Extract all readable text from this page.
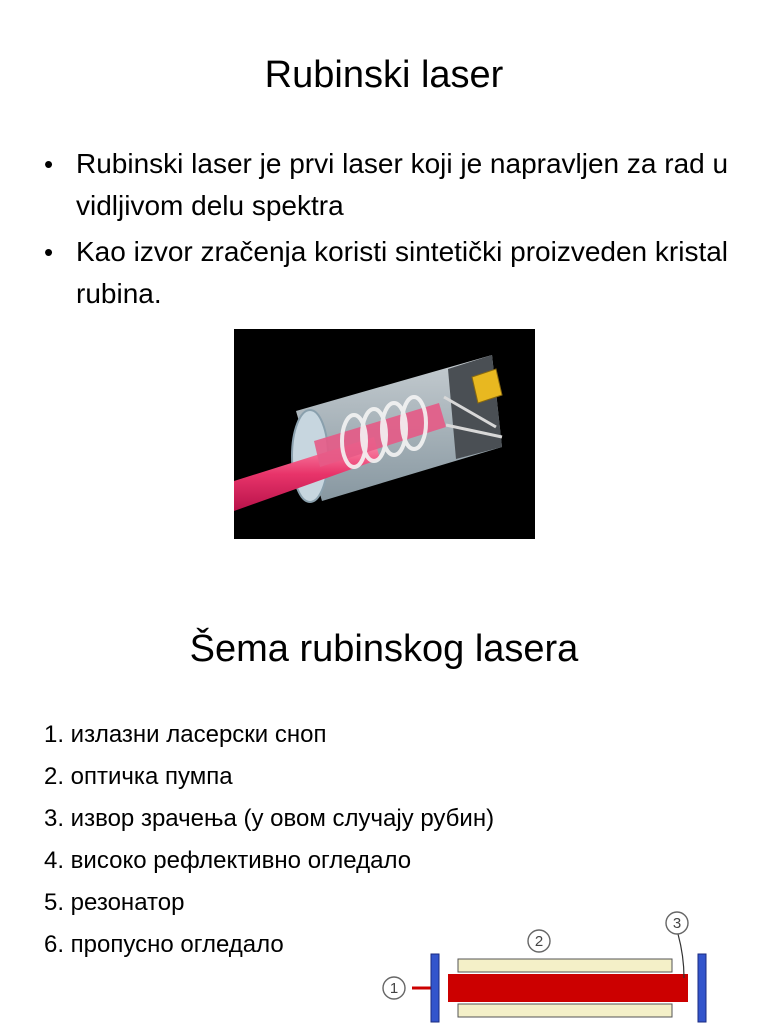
Rubinski laser
• Rubinski laser je prvi laser koji je napravljen za rad u vidljivom delu spektra
• Kao izvor zračenja koristi sintetički proizveden kristal rubina.
Šema rubinskog lasera
1. излазни ласерски сноп
2. оптичка пумпа
3. извор зрачења (у овом случају рубин)
4. високо рефлективно огледало
5. резонатор
6. пропусно огледало
1
2
3
